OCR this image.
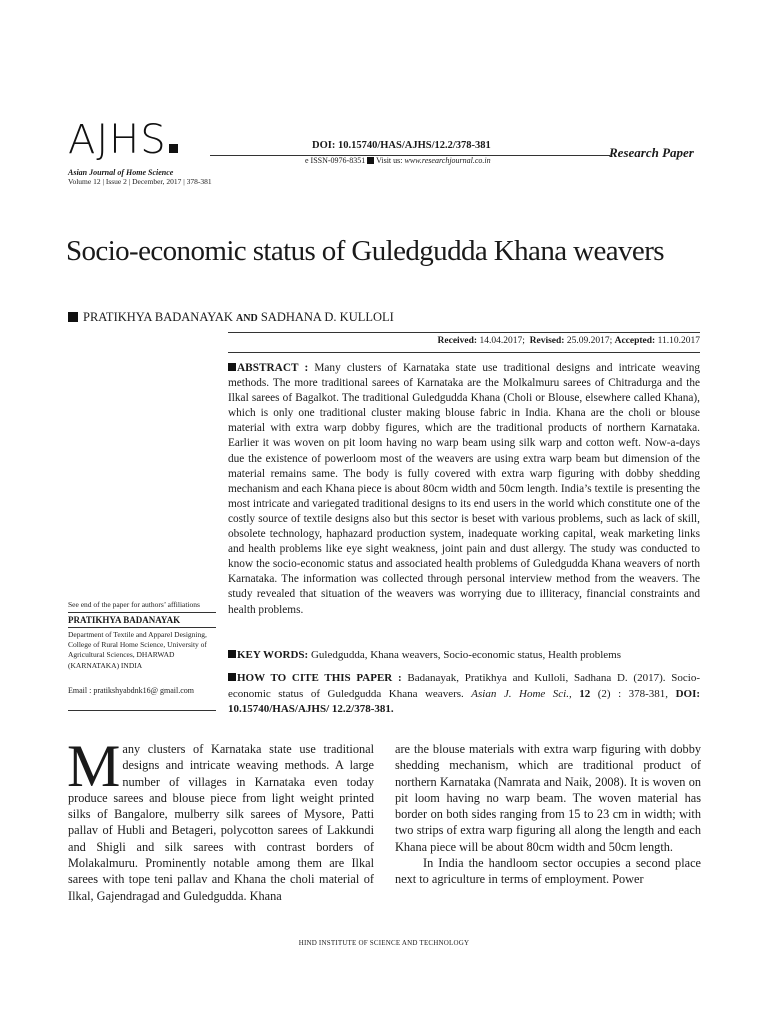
AJHS
Asian Journal of Home Science
Volume 12 | Issue 2 | December, 2017 | 378-381
DOI: 10.15740/HAS/AJHS/12.2/378-381
e ISSN-0976-8351 Visit us: www.researchjournal.co.in
Research Paper
Socio-economic status of Guledgudda Khana weavers
PRATIKHYA BADANAYAK AND SADHANA D. KULLOLI
Received: 14.04.2017; Revised: 25.09.2017; Accepted: 11.10.2017
ABSTRACT : Many clusters of Karnataka state use traditional designs and intricate weaving methods. The more traditional sarees of Karnataka are the Molkalmuru sarees of Chitradurga and the Ilkal sarees of Bagalkot. The traditional Guledgudda Khana (Choli or Blouse, elsewhere called Khana), which is only one traditional cluster making blouse fabric in India. Khana are the choli or blouse material with extra warp dobby figures, which are the traditional products of northern Karnataka. Earlier it was woven on pit loom having no warp beam using silk warp and cotton weft. Now-a-days due the existence of powerloom most of the weavers are using extra warp beam but dimension of the material remains same. The body is fully covered with extra warp figuring with dobby shedding mechanism and each Khana piece is about 80cm width and 50cm length. India’s textile is presenting the most intricate and variegated traditional designs to its end users in the world which constitute one of the costly source of textile designs also but this sector is beset with various problems, such as lack of skill, obsolete technology, haphazard production system, inadequate working capital, weak marketing links and health problems like eye sight weakness, joint pain and dust allergy. The study was conducted to know the socio-economic status and associated health problems of Guledgudda Khana weavers of north Karnataka. The information was collected through personal interview method from the weavers. The study revealed that situation of the weavers was worrying due to illiteracy, financial constraints and health problems.
KEY WORDS: Guledgudda, Khana weavers, Socio-economic status, Health problems
HOW TO CITE THIS PAPER : Badanayak, Pratikhya and Kulloli, Sadhana D. (2017). Socio-economic status of Guledgudda Khana weavers. Asian J. Home Sci., 12 (2) : 378-381, DOI: 10.15740/HAS/AJHS/ 12.2/378-381.
See end of the paper for authors’ affiliations
PRATIKHYA BADANAYAK
Department of Textile and Apparel Designing, College of Rural Home Science, University of Agricultural Sciences, DHARWAD (KARNATAKA) INDIA
Email : pratikshyabdnk16@ gmail.com

Many clusters of Karnataka state use traditional designs and intricate weaving methods. A large number of villages in Karnataka even today produce sarees and blouse piece from light weight printed silks of Bangalore, mulberry silk sarees of Mysore, Patti pallav of Hubli and Betageri, polycotton sarees of Lakkundi and Shigli and silk sarees with contrast borders of Molakalmuru. Prominently notable among them are Ilkal sarees with tope teni pallav and Khana the choli material of Ilkal, Gajendragad and Guledgudda. Khana

are the blouse materials with extra warp figuring with dobby shedding mechanism, which are traditional product of northern Karnataka (Namrata and Naik, 2008). It is woven on pit loom having no warp beam. The woven material has border on both sides ranging from 15 to 23 cm in width; with two strips of extra warp figuring all along the length and each Khana piece will be about 80cm width and 50cm length.

In India the handloom sector occupies a second place next to agriculture in terms of employment. Power

HIND INSTITUTE OF SCIENCE AND TECHNOLOGY
